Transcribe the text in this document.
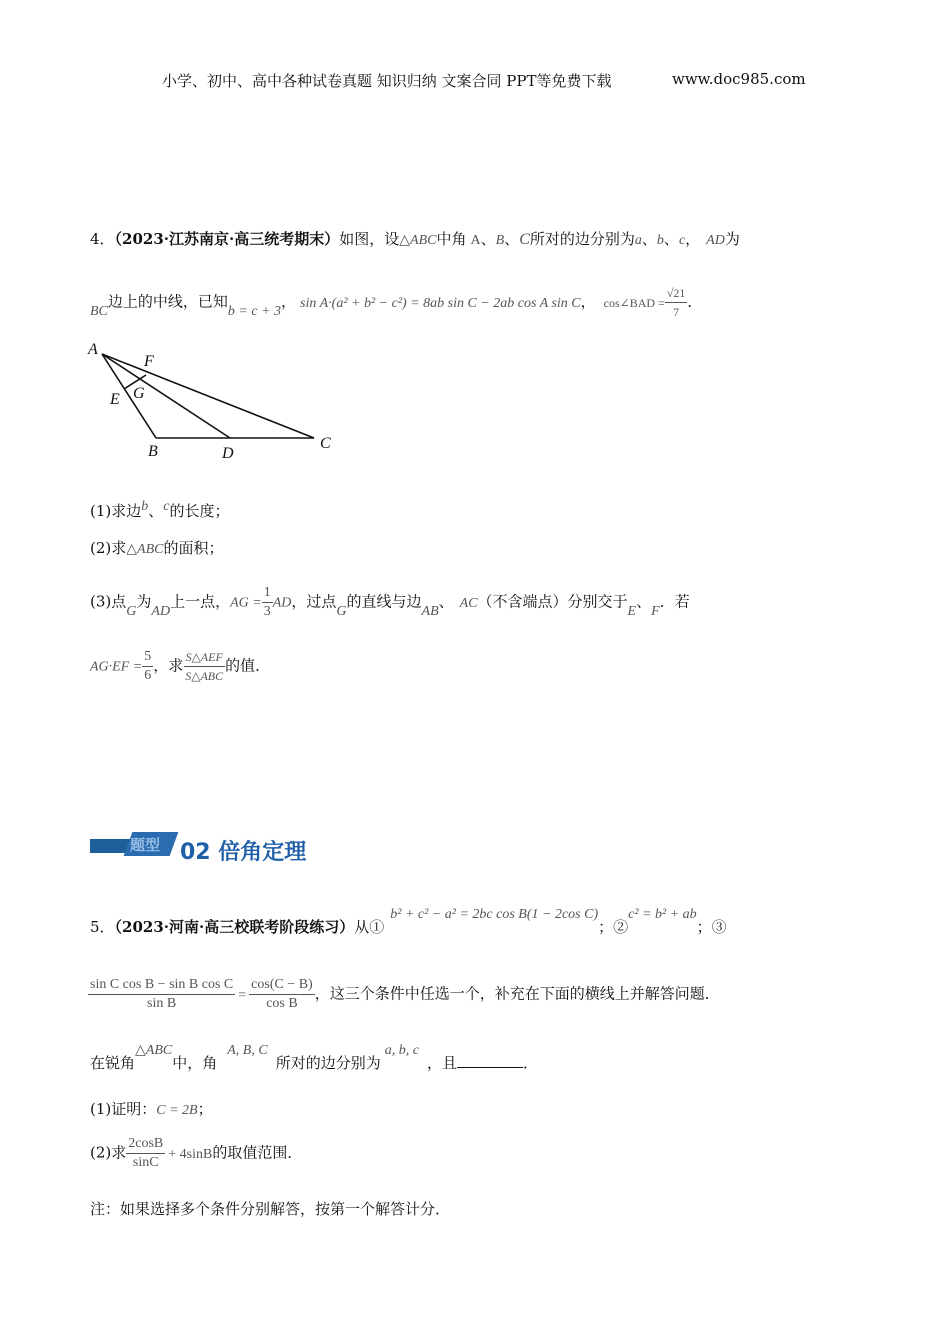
小学、初中、高中各种试卷真题 知识归纳 文案合同 PPT等免费下载	www.doc985.com
4．（2023·江苏南京·高三统考期末）如图，设△ABC中角 A、B、C所对的边分别为a、b、c， AD为
BC边上的中线，已知b = c + 3， sin A·(a² + b² − c²) = 8ab sin C − 2ab cos A sin C， cos∠BAD = $\frac{√21}{7}$ ．
A
F
G
E
B	D
C
(1)求边b、c的长度；
(2)求△ABC的面积；
(3)点G为AD上一点，AG = $\frac{1}{3}$ AD，过点G的直线与边AB、 AC（不含端点）分别交于E、F．若
$AG\cdot EF = \frac{5}{6}$ ，求 $\frac{\text{S△AEF}}{\text{S△ABC}}$ 的值．
题型 02 倍角定理
5．（2023·河南·高三校联考阶段练习）从①b² + c² − a² = 2bc cos B(1 − 2cos C)；②c² = b² + ab；③
$\frac{\text{sin C cos B − sin B cos C}}{\text{sin B}} = \frac{\cos(C - B)}{\text{cos B}}$ ，这三个条件中任选一个，补充在下面的横线上并解答问题．
在锐角△ABC中，角A, B, C所对的边分别为a, b, c，且	．
(1)证明：C = 2B；
(2)求 $\frac{2\cos B}{\sin C} + 4\sin B$的取值范围．
注：如果选择多个条件分别解答，按第一个解答计分．
